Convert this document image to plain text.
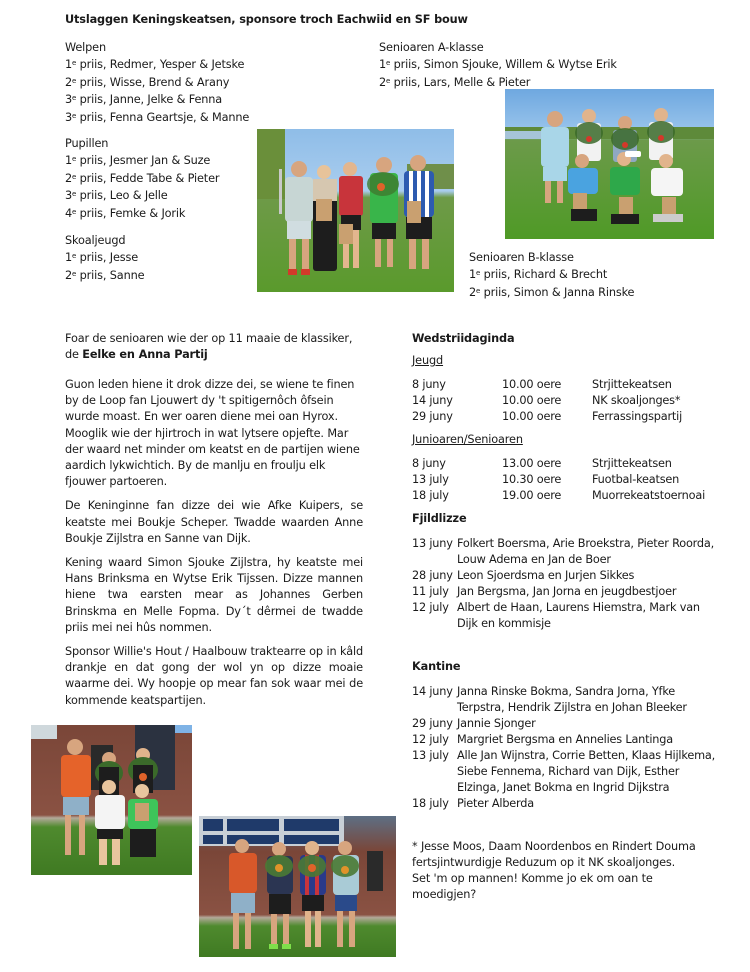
Utslaggen Keningskeatsen, sponsore troch Eachwiid en SF bouw
Welpen
1e priis, Redmer, Yesper & Jetske
2e priis, Wisse, Brend & Arany
3e priis, Janne, Jelke & Fenna
3e priis, Fenna Geartsje, & Manne
Pupillen
1e priis, Jesmer Jan & Suze
2e priis, Fedde Tabe & Pieter
3e priis, Leo & Jelle
4e priis, Femke & Jorik
Skoaljeugd
1e priis, Jesse
2e priis, Sanne
Senioaren A-klasse
1e priis, Simon Sjouke, Willem & Wytse Erik
2e priis, Lars, Melle & Pieter
Senioaren B-klasse
1e priis, Richard & Brecht
2e priis, Simon & Janna Rinske
Foar de senioaren wie der op 11 maaie de klassiker,
de Eelke en Anna Partij

Guon leden hiene it drok dizze dei, se wiene te finen by de Loop fan Ljouwert dy 't spitigernôch ôfsein wurde moast. En wer oaren diene mei oan Hyrox. Mooglik wie der hjirtroch in wat lytsere opjefte. Mar der waard net minder om keatst en de partijen wiene aardich lykwichtich. By de manlju en froulju elk fjouwer partoeren.

De Keninginne fan dizze dei wie Afke Kuipers, se keatste mei Boukje Scheper. Twadde waarden Anne Boukje Zijlstra en Sanne van Dijk.

Kening waard Simon Sjouke Zijlstra, hy keatste mei Hans Brinksma en Wytse Erik Tijssen. Dizze mannen hiene twa earsten mear as Johannes Gerben Brinskma en Melle Fopma. Dy´t dêrmei de twadde priis mei nei hûs nommen.

Sponsor Willie's Hout / Haalbouw traktearre op in kâld drankje en dat gong der wol yn op dizze moaie waarme dei. Wy hoopje op mear fan sok waar mei de kommende keatspartijen.

Wedstriidaginda
Jeugd
8 juny	10.00 oere	Strjittekeatsen
14 juny	10.00 oere	NK skoaljonges*
29 juny	10.00 oere	Ferrassingspartij
Junioaren/Senioaren
8 juny	13.00 oere	Strjittekeatsen
13 july	10.30 oere	Fuotbal-keatsen
18 july	19.00 oere	Muorrekeatstoernoai
Fjildlizze
13 juny Folkert Boersma, Arie Broekstra, Pieter Roorda, Louw Adema en Jan de Boer
28 juny Leon Sjoerdsma en Jurjen Sikkes
11 july Jan Bergsma, Jan Jorna en jeugdbestjoer
12 july Albert de Haan, Laurens Hiemstra, Mark van Dijk en kommisje
Kantine
14 juny Janna Rinske Bokma, Sandra Jorna, Yfke Terpstra, Hendrik Zijlstra en Johan Bleeker
29 juny Jannie Sjonger
12 july Margriet Bergsma en Annelies Lantinga
13 july Alle Jan Wijnstra, Corrie Betten, Klaas Hijlkema, Siebe Fennema, Richard van Dijk, Esther Elzinga, Janet Bokma en Ingrid Dijkstra
18 july Pieter Alberda
* Jesse Moos, Daam Noordenbos en Rindert Douma
fertsjintwurdigje Reduzum op it NK skoaljonges.
Set 'm op mannen! Komme jo ek om oan te
moedigjen?
